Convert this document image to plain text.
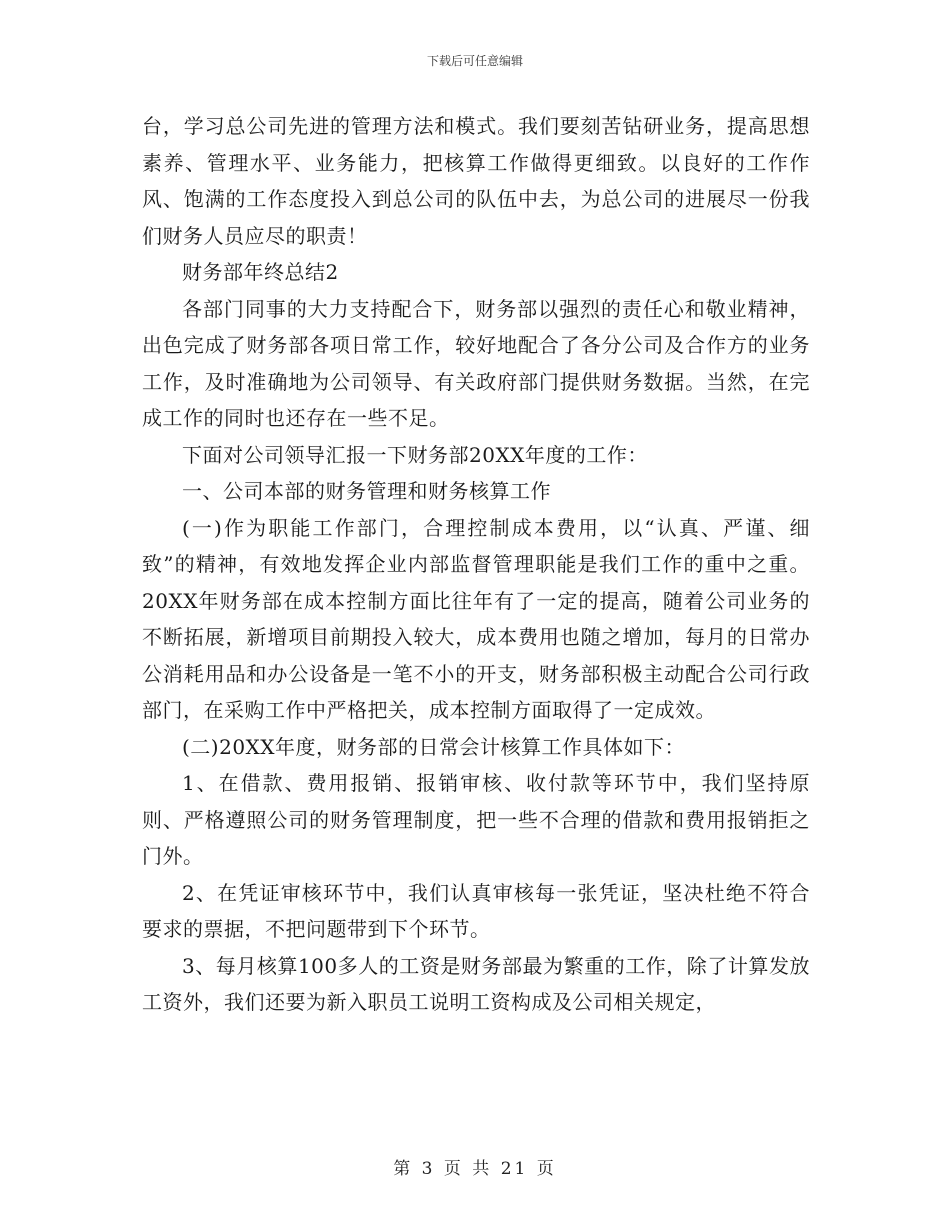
下载后可任意编辑

台，学习总公司先进的管理方法和模式。我们要刻苦钻研业务，提高思想素养、管理水平、业务能力，把核算工作做得更细致。以良好的工作作风、饱满的工作态度投入到总公司的队伍中去，为总公司的进展尽一份我们财务人员应尽的职责！

财务部年终总结2

各部门同事的大力支持配合下，财务部以强烈的责任心和敬业精神，出色完成了财务部各项日常工作，较好地配合了各分公司及合作方的业务工作，及时准确地为公司领导、有关政府部门提供财务数据。当然，在完成工作的同时也还存在一些不足。

下面对公司领导汇报一下财务部20XX年度的工作：

一、公司本部的财务管理和财务核算工作

(一)作为职能工作部门，合理控制成本费用，以“认真、严谨、细致”的精神，有效地发挥企业内部监督管理职能是我们工作的重中之重。20XX年财务部在成本控制方面比往年有了一定的提高，随着公司业务的不断拓展，新增项目前期投入较大，成本费用也随之增加，每月的日常办公消耗用品和办公设备是一笔不小的开支，财务部积极主动配合公司行政部门，在采购工作中严格把关，成本控制方面取得了一定成效。

(二)20XX年度，财务部的日常会计核算工作具体如下：

1、在借款、费用报销、报销审核、收付款等环节中，我们坚持原则、严格遵照公司的财务管理制度，把一些不合理的借款和费用报销拒之门外。

2、在凭证审核环节中，我们认真审核每一张凭证，坚决杜绝不符合要求的票据，不把问题带到下个环节。

3、每月核算100多人的工资是财务部最为繁重的工作，除了计算发放工资外，我们还要为新入职员工说明工资构成及公司相关规定，

第 3 页 共 21 页
